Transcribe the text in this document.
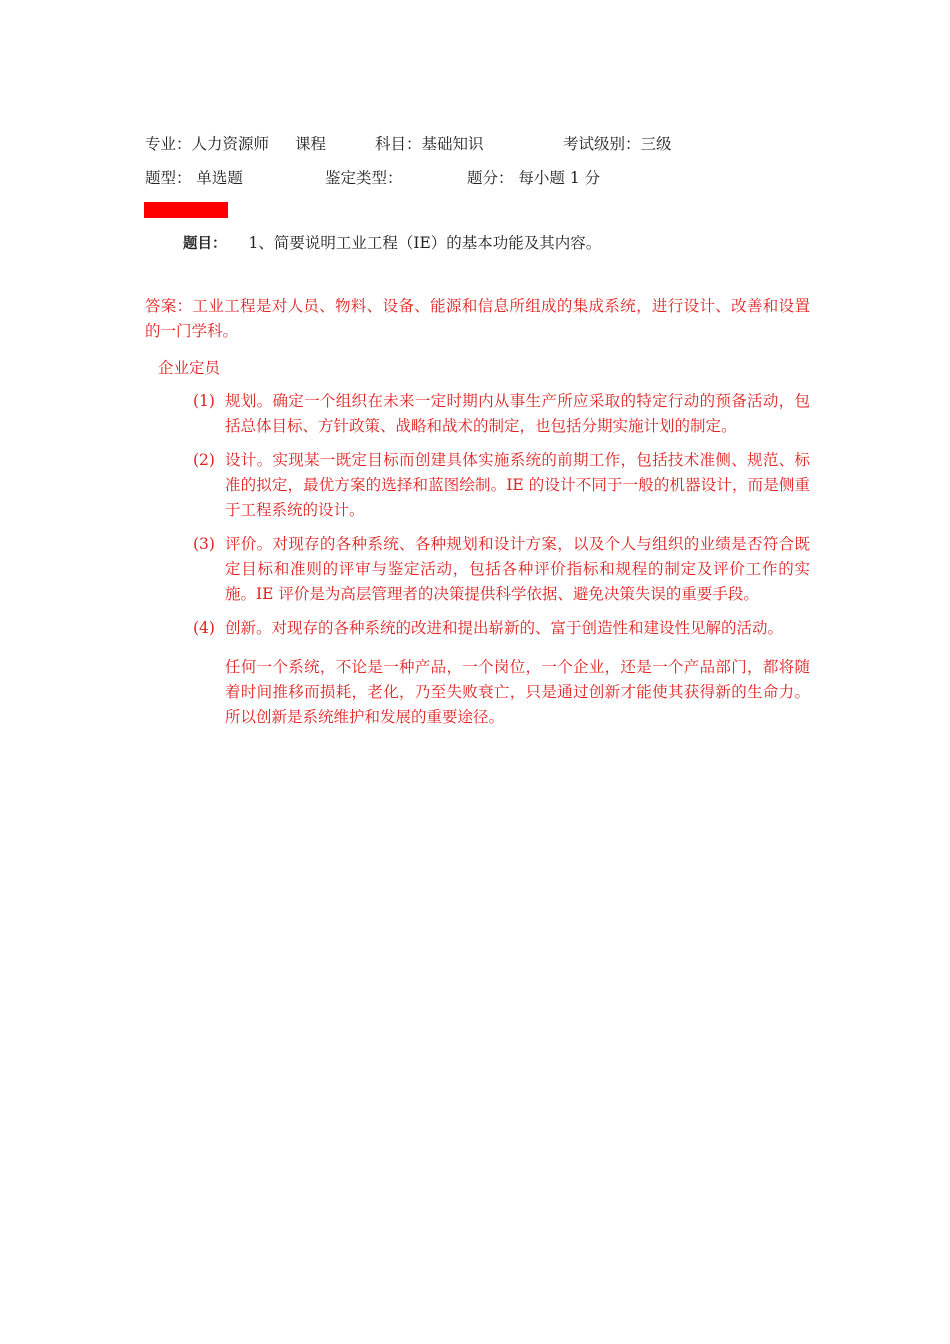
专业：人力资源师 课程	科目：基础知识	考试级别：三级
题型： 单选题	鉴定类型：	题分： 每小题 1 分
题目： 1、简要说明工业工程（IE）的基本功能及其内容。
答案：工业工程是对人员、物料、设备、能源和信息所组成的集成系统，进行设计、改善和设置的一门学科。
企业定员
(1) 规划。确定一个组织在未来一定时期内从事生产所应采取的特定行动的预备活动，包括总体目标、方针政策、战略和战术的制定，也包括分期实施计划的制定。
(2) 设计。实现某一既定目标而创建具体实施系统的前期工作，包括技术准侧、规范、标准的拟定，最优方案的选择和蓝图绘制。IE 的设计不同于一般的机器设计，而是侧重于工程系统的设计。
(3) 评价。对现存的各种系统、各种规划和设计方案，以及个人与组织的业绩是否符合既定目标和准则的评审与鉴定活动，包括各种评价指标和规程的制定及评价工作的实施。IE 评价是为高层管理者的决策提供科学依据、避免决策失误的重要手段。
(4) 创新。对现存的各种系统的改进和提出崭新的、富于创造性和建设性见解的活动。
任何一个系统，不论是一种产品，一个岗位，一个企业，还是一个产品部门，都将随着时间推移而损耗，老化，乃至失败衰亡，只是通过创新才能使其获得新的生命力。所以创新是系统维护和发展的重要途径。
